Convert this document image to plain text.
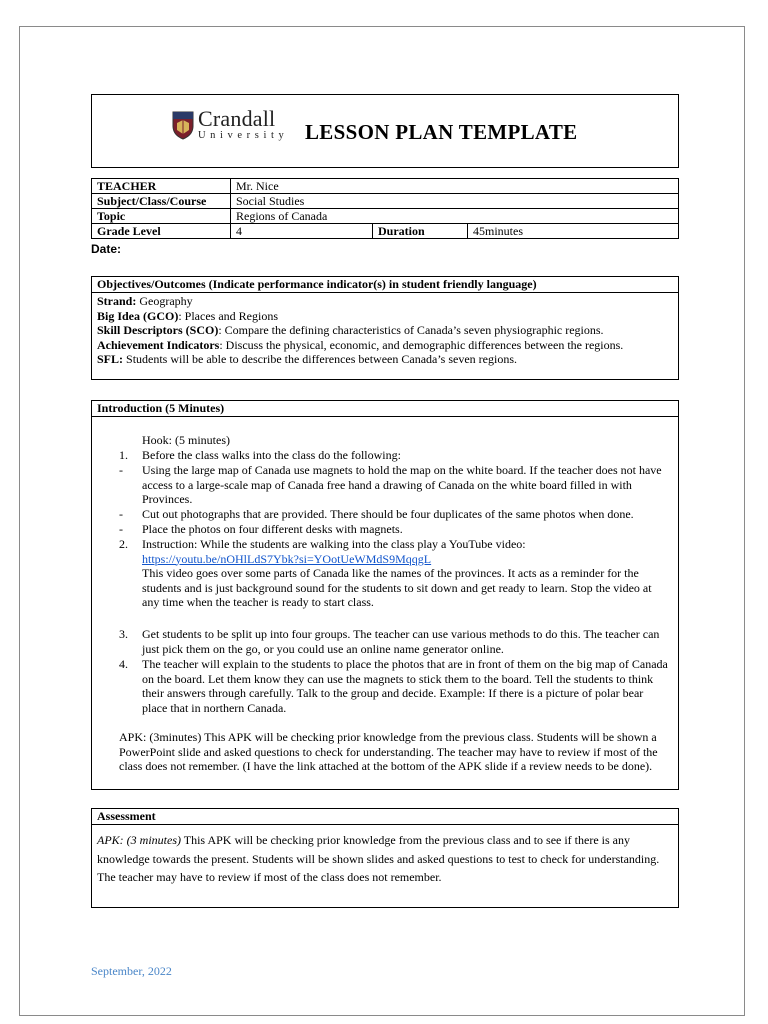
Crandall
University LESSON PLAN TEMPLATE
TEACHER	Mr. Nice		
Subject/Class/Course	Social Studies		
Topic	Regions of Canada		
Grade Level	4	Duration	45minutes
Date:
Objectives/Outcomes (Indicate performance indicator(s) in student friendly language)
Strand: Geography
Big Idea (GCO): Places and Regions
Skill Descriptors (SCO): Compare the defining characteristics of Canada’s seven physiographic regions.
Achievement Indicators: Discuss the physical, economic, and demographic differences between the regions.
SFL: Students will be able to describe the differences between Canada’s seven regions.
Introduction (5 Minutes)
Hook: (5 minutes)
1. Before the class walks into the class do the following:
- Using the large map of Canada use magnets to hold the map on the white board. If the teacher does not have access to a large-scale map of Canada free hand a drawing of Canada on the white board filled in with Provinces.
- Cut out photographs that are provided. There should be four duplicates of the same photos when done.
- Place the photos on four different desks with magnets.
2. Instruction: While the students are walking into the class play a YouTube video:
https://youtu.be/nOHlLdS7Ybk?si=YOotUeWMdS9MqqgL
This video goes over some parts of Canada like the names of the provinces. It acts as a reminder for the students and is just background sound for the students to sit down and get ready to learn. Stop the video at any time when the teacher is ready to start class.
3. Get students to be split up into four groups. The teacher can use various methods to do this. The teacher can just pick them on the go, or you could use an online name generator online.
4. The teacher will explain to the students to place the photos that are in front of them on the big map of Canada on the board. Let them know they can use the magnets to stick them to the board. Tell the students to think their answers through carefully. Talk to the group and decide. Example: If there is a picture of polar bear place that in northern Canada.
APK: (3minutes) This APK will be checking prior knowledge from the previous class. Students will be shown a PowerPoint slide and asked questions to check for understanding. The teacher may have to review if most of the class does not remember. (I have the link attached at the bottom of the APK slide if a review needs to be done).
Assessment
APK: (3 minutes) This APK will be checking prior knowledge from the previous class and to see if there is any knowledge towards the present. Students will be shown slides and asked questions to test to check for understanding. The teacher may have to review if most of the class does not remember.
September, 2022
